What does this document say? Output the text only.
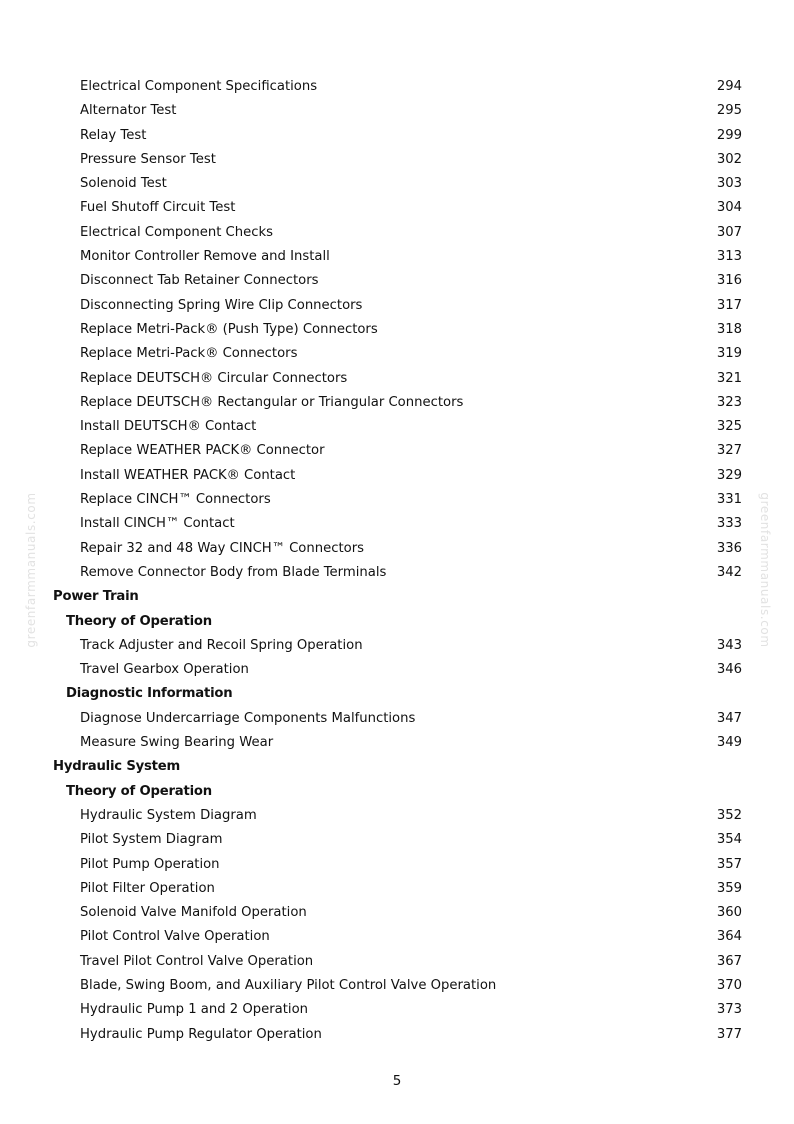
Electrical Component Specifications	294
Alternator Test	295
Relay Test	299
Pressure Sensor Test	302
Solenoid Test	303
Fuel Shutoff Circuit Test	304
Electrical Component Checks	307
Monitor Controller Remove and Install	313
Disconnect Tab Retainer Connectors	316
Disconnecting Spring Wire Clip Connectors	317
Replace Metri-Pack® (Push Type) Connectors	318
Replace Metri-Pack® Connectors	319
Replace DEUTSCH® Circular Connectors	321
Replace DEUTSCH® Rectangular or Triangular Connectors	323
Install DEUTSCH® Contact	325
Replace WEATHER PACK® Connector	327
Install WEATHER PACK® Contact	329
Replace CINCH™ Connectors	331
Install CINCH™ Contact	333
Repair 32 and 48 Way CINCH™ Connectors	336
Remove Connector Body from Blade Terminals	342
Power Train
Theory of Operation
Track Adjuster and Recoil Spring Operation	343
Travel Gearbox Operation	346
Diagnostic Information
Diagnose Undercarriage Components Malfunctions	347
Measure Swing Bearing Wear	349
Hydraulic System
Theory of Operation
Hydraulic System Diagram	352
Pilot System Diagram	354
Pilot Pump Operation	357
Pilot Filter Operation	359
Solenoid Valve Manifold Operation	360
Pilot Control Valve Operation	364
Travel Pilot Control Valve Operation	367
Blade, Swing Boom, and Auxiliary Pilot Control Valve Operation	370
Hydraulic Pump 1 and 2 Operation	373
Hydraulic Pump Regulator Operation	377
greenfarmmanuals.com	greenfarmmanuals.com
5
